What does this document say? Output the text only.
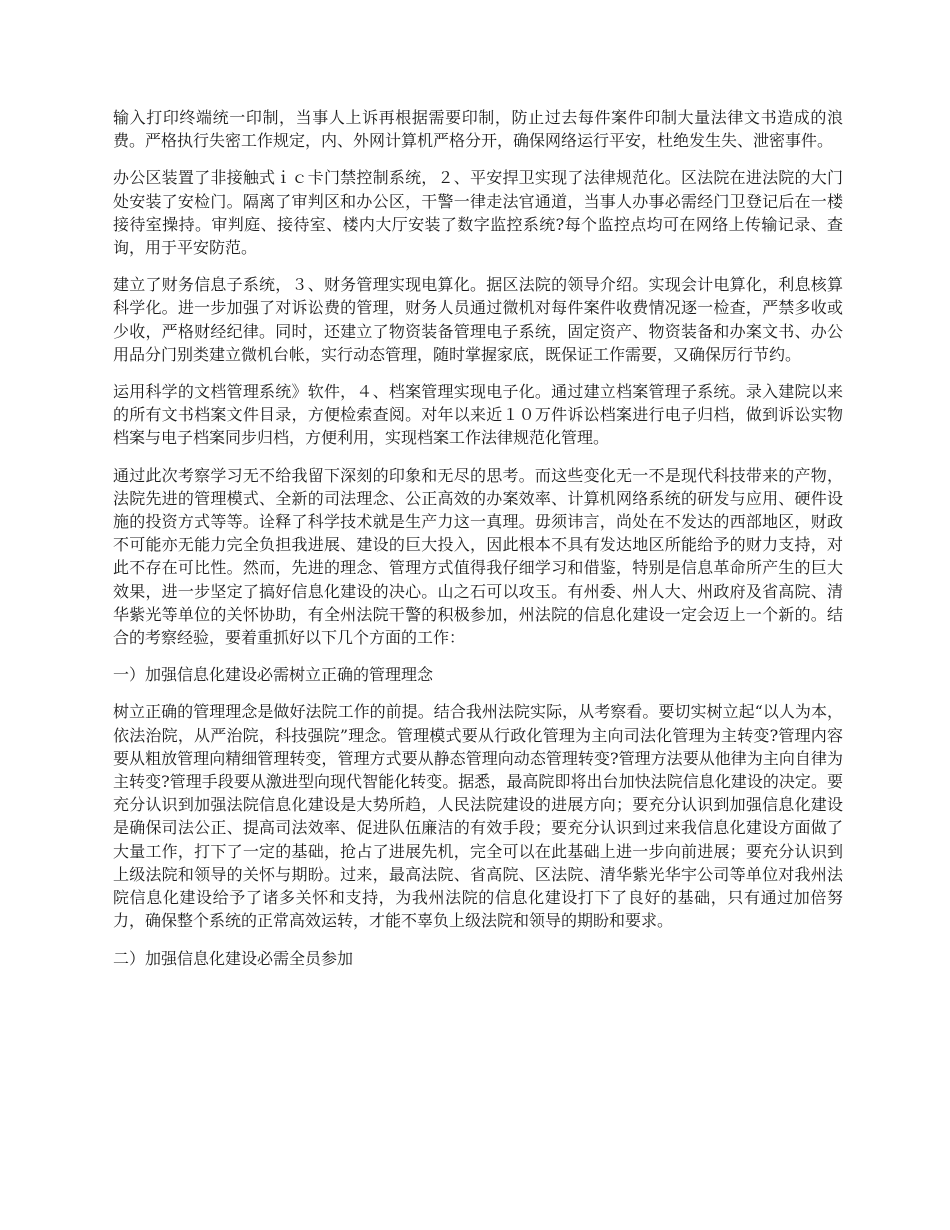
输入打印终端统一印制，当事人上诉再根据需要印制，防止过去每件案件印制大量法律文书造成的浪费。严格执行失密工作规定，内、外网计算机严格分开，确保网络运行平安，杜绝发生失、泄密事件。

办公区装置了非接触式ｉｃ卡门禁控制系统，２、平安捍卫实现了法律规范化。区法院在进法院的大门处安装了安检门。隔离了审判区和办公区，干警一律走法官通道，当事人办事必需经门卫登记后在一楼接待室操持。审判庭、接待室、楼内大厅安装了数字监控系统?每个监控点均可在网络上传输记录、查询，用于平安防范。

建立了财务信息子系统，３、财务管理实现电算化。据区法院的领导介绍。实现会计电算化，利息核算科学化。进一步加强了对诉讼费的管理，财务人员通过微机对每件案件收费情况逐一检查，严禁多收或少收，严格财经纪律。同时，还建立了物资装备管理电子系统，固定资产、物资装备和办案文书、办公用品分门别类建立微机台帐，实行动态管理，随时掌握家底，既保证工作需要，又确保厉行节约。

运用科学的文档管理系统》软件，４、档案管理实现电子化。通过建立档案管理子系统。录入建院以来的所有文书档案文件目录，方便检索查阅。对年以来近１０万件诉讼档案进行电子归档，做到诉讼实物档案与电子档案同步归档，方便利用，实现档案工作法律规范化管理。

通过此次考察学习无不给我留下深刻的印象和无尽的思考。而这些变化无一不是现代科技带来的产物，法院先进的管理模式、全新的司法理念、公正高效的办案效率、计算机网络系统的研发与应用、硬件设施的投资方式等等。诠释了科学技术就是生产力这一真理。毋须讳言，尚处在不发达的西部地区，财政不可能亦无能力完全负担我进展、建设的巨大投入，因此根本不具有发达地区所能给予的财力支持，对此不存在可比性。然而，先进的理念、管理方式值得我仔细学习和借鉴，特别是信息革命所产生的巨大效果，进一步坚定了搞好信息化建设的决心。山之石可以攻玉。有州委、州人大、州政府及省高院、清华紫光等单位的关怀协助，有全州法院干警的积极参加，州法院的信息化建设一定会迈上一个新的。结合的考察经验，要着重抓好以下几个方面的工作：

一）加强信息化建设必需树立正确的管理理念

树立正确的管理理念是做好法院工作的前提。结合我州法院实际，从考察看。要切实树立起“以人为本，依法治院，从严治院，科技强院”理念。管理模式要从行政化管理为主向司法化管理为主转变?管理内容要从粗放管理向精细管理转变，管理方式要从静态管理向动态管理转变?管理方法要从他律为主向自律为主转变?管理手段要从激进型向现代智能化转变。据悉，最高院即将出台加快法院信息化建设的决定。要充分认识到加强法院信息化建设是大势所趋，人民法院建设的进展方向；要充分认识到加强信息化建设是确保司法公正、提高司法效率、促进队伍廉洁的有效手段；要充分认识到过来我信息化建设方面做了大量工作，打下了一定的基础，抢占了进展先机，完全可以在此基础上进一步向前进展；要充分认识到上级法院和领导的关怀与期盼。过来，最高法院、省高院、区法院、清华紫光华宇公司等单位对我州法院信息化建设给予了诸多关怀和支持，为我州法院的信息化建设打下了良好的基础，只有通过加倍努力，确保整个系统的正常高效运转，才能不辜负上级法院和领导的期盼和要求。

二）加强信息化建设必需全员参加
